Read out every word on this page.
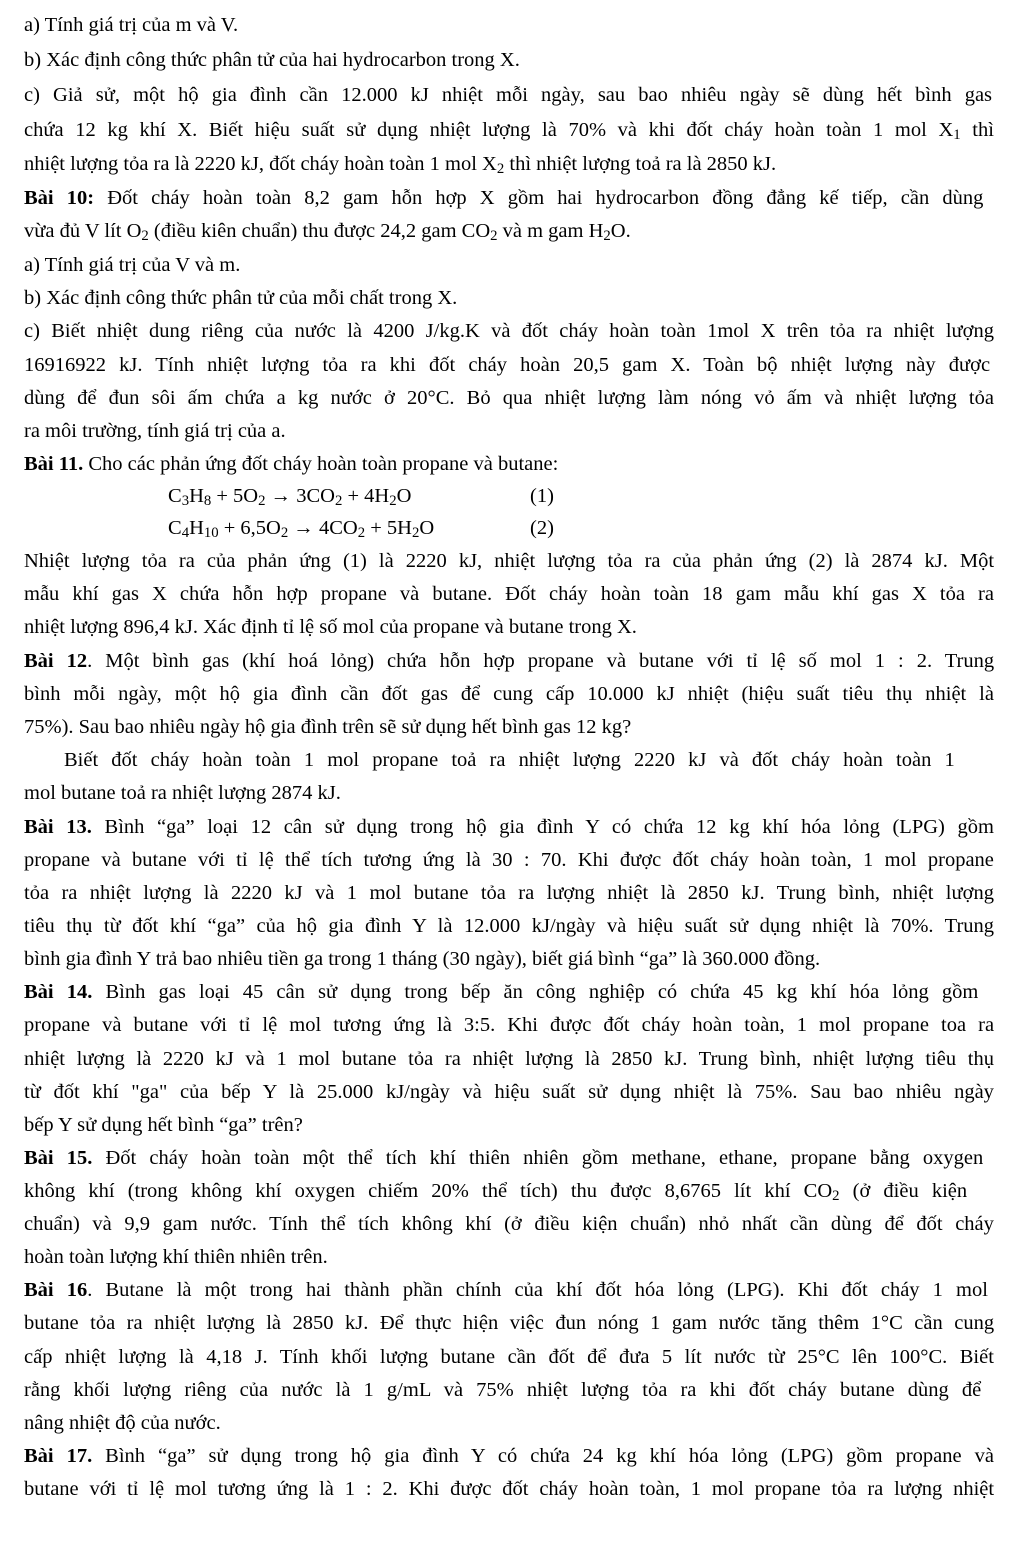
a) Tính giá trị của m và V.
b) Xác định công thức phân tử của hai hydrocarbon trong X.
c) Giả sử, một hộ gia đình cần 12.000 kJ nhiệt mỗi ngày, sau bao nhiêu ngày sẽ dùng hết bình gas
chứa 12 kg khí X. Biết hiệu suất sử dụng nhiệt lượng là 70% và khi đốt cháy hoàn toàn 1 mol $X_1$ thì
nhiệt lượng tỏa ra là 2220 kJ, đốt cháy hoàn toàn 1 mol $X_2$ thì nhiệt lượng toả ra là 2850 kJ.
Bài 10: Đốt cháy hoàn toàn 8,2 gam hỗn hợp X gồm hai hydrocarbon đồng đẳng kế tiếp, cần dùng
vừa đủ V lít $O_2$ (điều kiên chuẩn) thu được 24,2 gam $CO_2$ và m gam $H_2O$.
a) Tính giá trị của V và m.
b) Xác định công thức phân tử của mỗi chất trong X.
c) Biết nhiệt dung riêng của nước là 4200 J/kg.K và đốt cháy hoàn toàn 1mol X trên tỏa ra nhiệt lượng
16916922 kJ. Tính nhiệt lượng tỏa ra khi đốt cháy hoàn 20,5 gam X. Toàn bộ nhiệt lượng này được
dùng để đun sôi ấm chứa a kg nước ở 20°C. Bỏ qua nhiệt lượng làm nóng vỏ ấm và nhiệt lượng tỏa
ra môi trường, tính giá trị của a.
Bài 11. Cho các phản ứng đốt cháy hoàn toàn propane và butane:
$C_3H_8 + 5O_2 \to 3CO_2 + 4H_2O$	(1)
$C_4H_{10} + 6,5O_2 \to 4CO_2 + 5H_2O$	(2)
Nhiệt lượng tỏa ra của phản ứng (1) là 2220 kJ, nhiệt lượng tỏa ra của phản ứng (2) là 2874 kJ. Một
mẫu khí gas X chứa hỗn hợp propane và butane. Đốt cháy hoàn toàn 18 gam mẫu khí gas X tỏa ra
nhiệt lượng 896,4 kJ. Xác định tỉ lệ số mol của propane và butane trong X.
Bài 12. Một bình gas (khí hoá lỏng) chứa hỗn hợp propane và butane với tỉ lệ số mol 1 : 2. Trung
bình mỗi ngày, một hộ gia đình cần đốt gas để cung cấp 10.000 kJ nhiệt (hiệu suất tiêu thụ nhiệt là
75%). Sau bao nhiêu ngày hộ gia đình trên sẽ sử dụng hết bình gas 12 kg?
Biết đốt cháy hoàn toàn 1 mol propane toả ra nhiệt lượng 2220 kJ và đốt cháy hoàn toàn 1
mol butane toả ra nhiệt lượng 2874 kJ.
Bài 13. Bình “ga” loại 12 cân sử dụng trong hộ gia đình Y có chứa 12 kg khí hóa lỏng (LPG) gồm
propane và butane với tỉ lệ thể tích tương ứng là 30 : 70. Khi được đốt cháy hoàn toàn, 1 mol propane
tỏa ra nhiệt lượng là 2220 kJ và 1 mol butane tỏa ra lượng nhiệt là 2850 kJ. Trung bình, nhiệt lượng
tiêu thụ từ đốt khí “ga” của hộ gia đình Y là 12.000 kJ/ngày và hiệu suất sử dụng nhiệt là 70%. Trung
bình gia đình Y trả bao nhiêu tiền ga trong 1 tháng (30 ngày), biết giá bình “ga” là 360.000 đồng.
Bài 14. Bình gas loại 45 cân sử dụng trong bếp ăn công nghiệp có chứa 45 kg khí hóa lỏng gồm
propane và butane với tỉ lệ mol tương ứng là 3:5. Khi được đốt cháy hoàn toàn, 1 mol propane toa ra
nhiệt lượng là 2220 kJ và 1 mol butane tỏa ra nhiệt lượng là 2850 kJ. Trung bình, nhiệt lượng tiêu thụ
từ đốt khí "ga" của bếp Y là 25.000 kJ/ngày và hiệu suất sử dụng nhiệt là 75%. Sau bao nhiêu ngày
bếp Y sử dụng hết bình “ga” trên?
Bài 15. Đốt cháy hoàn toàn một thể tích khí thiên nhiên gồm methane, ethane, propane bằng oxygen
không khí (trong không khí oxygen chiếm 20% thể tích) thu được 8,6765 lít khí $CO_2$ (ở điều kiện
chuẩn) và 9,9 gam nước. Tính thể tích không khí (ở điều kiện chuẩn) nhỏ nhất cần dùng để đốt cháy
hoàn toàn lượng khí thiên nhiên trên.
Bài 16. Butane là một trong hai thành phần chính của khí đốt hóa lỏng (LPG). Khi đốt cháy 1 mol
butane tỏa ra nhiệt lượng là 2850 kJ. Để thực hiện việc đun nóng 1 gam nước tăng thêm 1°C cần cung
cấp nhiệt lượng là 4,18 J. Tính khối lượng butane cần đốt để đưa 5 lít nước từ 25°C lên 100°C. Biết
rằng khối lượng riêng của nước là 1 g/mL và 75% nhiệt lượng tỏa ra khi đốt cháy butane dùng để
nâng nhiệt độ của nước.
Bài 17. Bình “ga” sử dụng trong hộ gia đình Y có chứa 24 kg khí hóa lỏng (LPG) gồm propane và
butane với tỉ lệ mol tương ứng là 1 : 2. Khi được đốt cháy hoàn toàn, 1 mol propane tỏa ra lượng nhiệt
